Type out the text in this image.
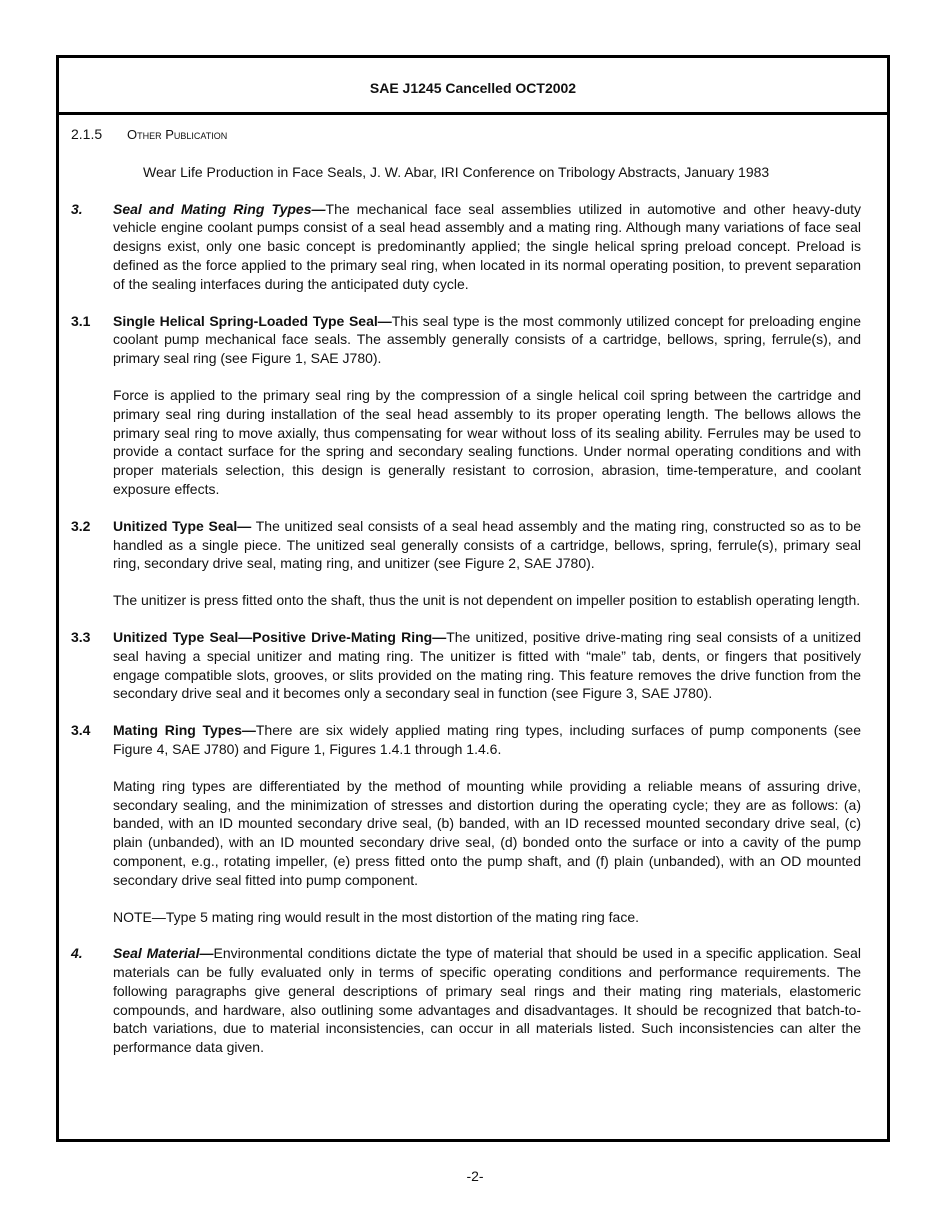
SAE J1245 Cancelled OCT2002
2.1.5 Other Publication
Wear Life Production in Face Seals, J. W. Abar, IRI Conference on Tribology Abstracts, January 1983
3.	Seal and Mating Ring Types—The mechanical face seal assemblies utilized in automotive and other heavy-duty vehicle engine coolant pumps consist of a seal head assembly and a mating ring. Although many variations of face seal designs exist, only one basic concept is predominantly applied; the single helical spring preload concept. Preload is defined as the force applied to the primary seal ring, when located in its normal operating position, to prevent separation of the sealing interfaces during the anticipated duty cycle.

3.1	Single Helical Spring-Loaded Type Seal—This seal type is the most commonly utilized concept for preloading engine coolant pump mechanical face seals. The assembly generally consists of a cartridge, bellows, spring, ferrule(s), and primary seal ring (see Figure 1, SAE J780).

Force is applied to the primary seal ring by the compression of a single helical coil spring between the cartridge and primary seal ring during installation of the seal head assembly to its proper operating length. The bellows allows the primary seal ring to move axially, thus compensating for wear without loss of its sealing ability. Ferrules may be used to provide a contact surface for the spring and secondary sealing functions. Under normal operating conditions and with proper materials selection, this design is generally resistant to corrosion, abrasion, time-temperature, and coolant exposure effects.

3.2	Unitized Type Seal— The unitized seal consists of a seal head assembly and the mating ring, constructed so as to be handled as a single piece. The unitized seal generally consists of a cartridge, bellows, spring, ferrule(s), primary seal ring, secondary drive seal, mating ring, and unitizer (see Figure 2, SAE J780).

The unitizer is press fitted onto the shaft, thus the unit is not dependent on impeller position to establish operating length.

3.3	Unitized Type Seal—Positive Drive-Mating Ring—The unitized, positive drive-mating ring seal consists of a unitized seal having a special unitizer and mating ring. The unitizer is fitted with “male” tab, dents, or fingers that positively engage compatible slots, grooves, or slits provided on the mating ring. This feature removes the drive function from the secondary drive seal and it becomes only a secondary seal in function (see Figure 3, SAE J780).

3.4	Mating Ring Types—There are six widely applied mating ring types, including surfaces of pump components (see Figure 4, SAE J780) and Figure 1, Figures 1.4.1 through 1.4.6.

Mating ring types are differentiated by the method of mounting while providing a reliable means of assuring drive, secondary sealing, and the minimization of stresses and distortion during the operating cycle; they are as follows: (a) banded, with an ID mounted secondary drive seal, (b) banded, with an ID recessed mounted secondary drive seal, (c) plain (unbanded), with an ID mounted secondary drive seal, (d) bonded onto the surface or into a cavity of the pump component, e.g., rotating impeller, (e) press fitted onto the pump shaft, and (f) plain (unbanded), with an OD mounted secondary drive seal fitted into pump component.

NOTE—Type 5 mating ring would result in the most distortion of the mating ring face.

4.	Seal Material—Environmental conditions dictate the type of material that should be used in a specific application. Seal materials can be fully evaluated only in terms of specific operating conditions and performance requirements. The following paragraphs give general descriptions of primary seal rings and their mating ring materials, elastomeric compounds, and hardware, also outlining some advantages and disadvantages. It should be recognized that batch-to-batch variations, due to material inconsistencies, can occur in all materials listed. Such inconsistencies can alter the performance data given.

-2-
